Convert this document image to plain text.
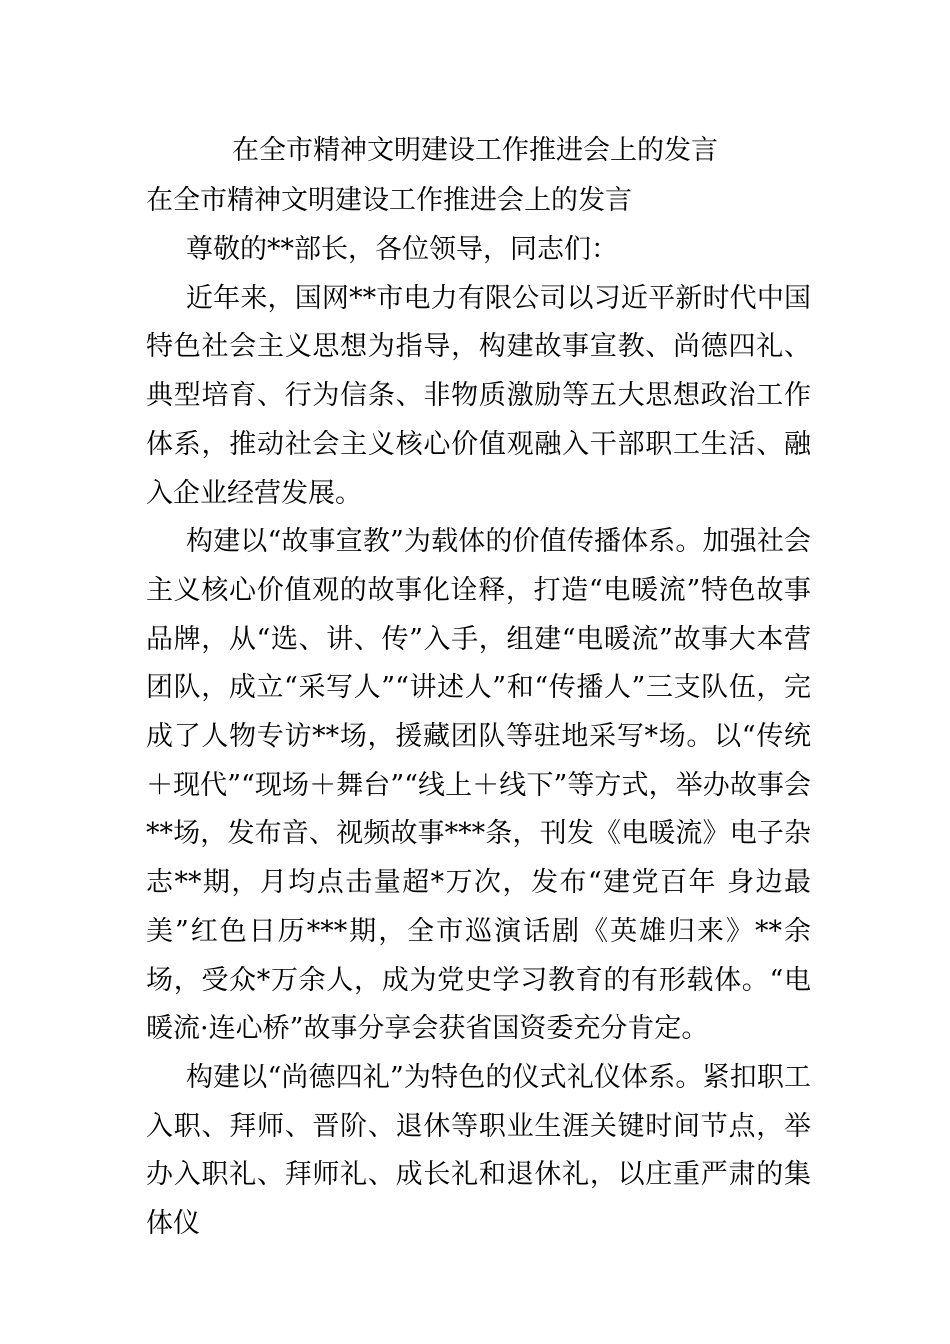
在全市精神文明建设工作推进会上的发言
在全市精神文明建设工作推进会上的发言

尊敬的**部长，各位领导，同志们：

近年来，国网**市电力有限公司以习近平新时代中国特色社会主义思想为指导，构建故事宣教、尚德四礼、典型培育、行为信条、非物质激励等五大思想政治工作体系，推动社会主义核心价值观融入干部职工生活、融入企业经营发展。

构建以“故事宣教”为载体的价值传播体系。加强社会主义核心价值观的故事化诠释，打造“电暖流”特色故事品牌，从“选、讲、传”入手，组建“电暖流”故事大本营团队，成立“采写人”“讲述人”和“传播人”三支队伍，完成了人物专访**场，援藏团队等驻地采写*场。以“传统＋现代”“现场＋舞台”“线上＋线下”等方式，举办故事会**场，发布音、视频故事***条，刊发《电暖流》电子杂志**期，月均点击量超*万次，发布“建党百年 身边最美”红色日历***期，全市巡演话剧《英雄归来》**余场，受众*万余人，成为党史学习教育的有形载体。“电暖流·连心桥”故事分享会获省国资委充分肯定。

构建以“尚德四礼”为特色的仪式礼仪体系。紧扣职工入职、拜师、晋阶、退休等职业生涯关键时间节点，举办入职礼、拜师礼、成长礼和退休礼，以庄重严肃的集体仪
